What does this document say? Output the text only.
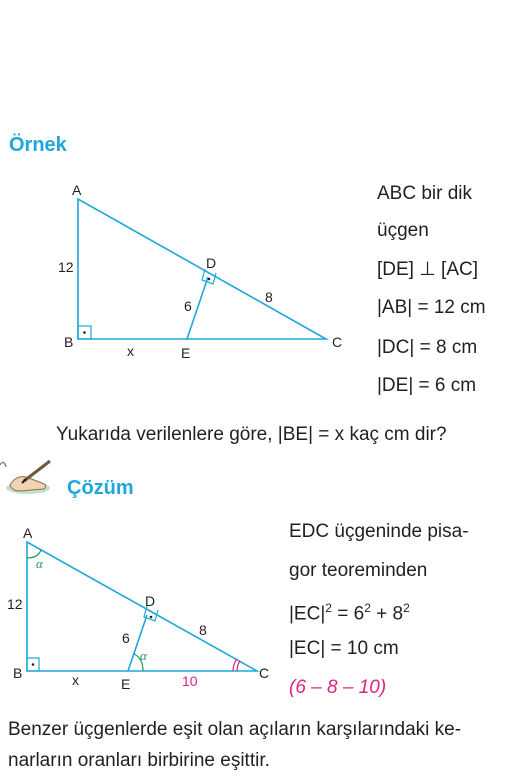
Örnek
A
B	C
D
E
12
6
8
x
ABC bir dik
üçgen
[DE] ⊥ [AC]
|AB| = 12 cm
|DC| = 8 cm
|DE| = 6 cm
Yukarıda verilenlere göre, |BE| = x kaç cm dir?
Çözüm
A
B	C
D
E
12
6	8
x	10
α
α
EDC üçgeninde pisa-
gor teoreminden
$|EC|^2 = 6^2 + 8^2$
|EC| = 10 cm
(6 – 8 – 10)
Benzer üçgenlerde eşit olan açıların karşılarındaki ke-
narların oranları birbirine eşittir.
